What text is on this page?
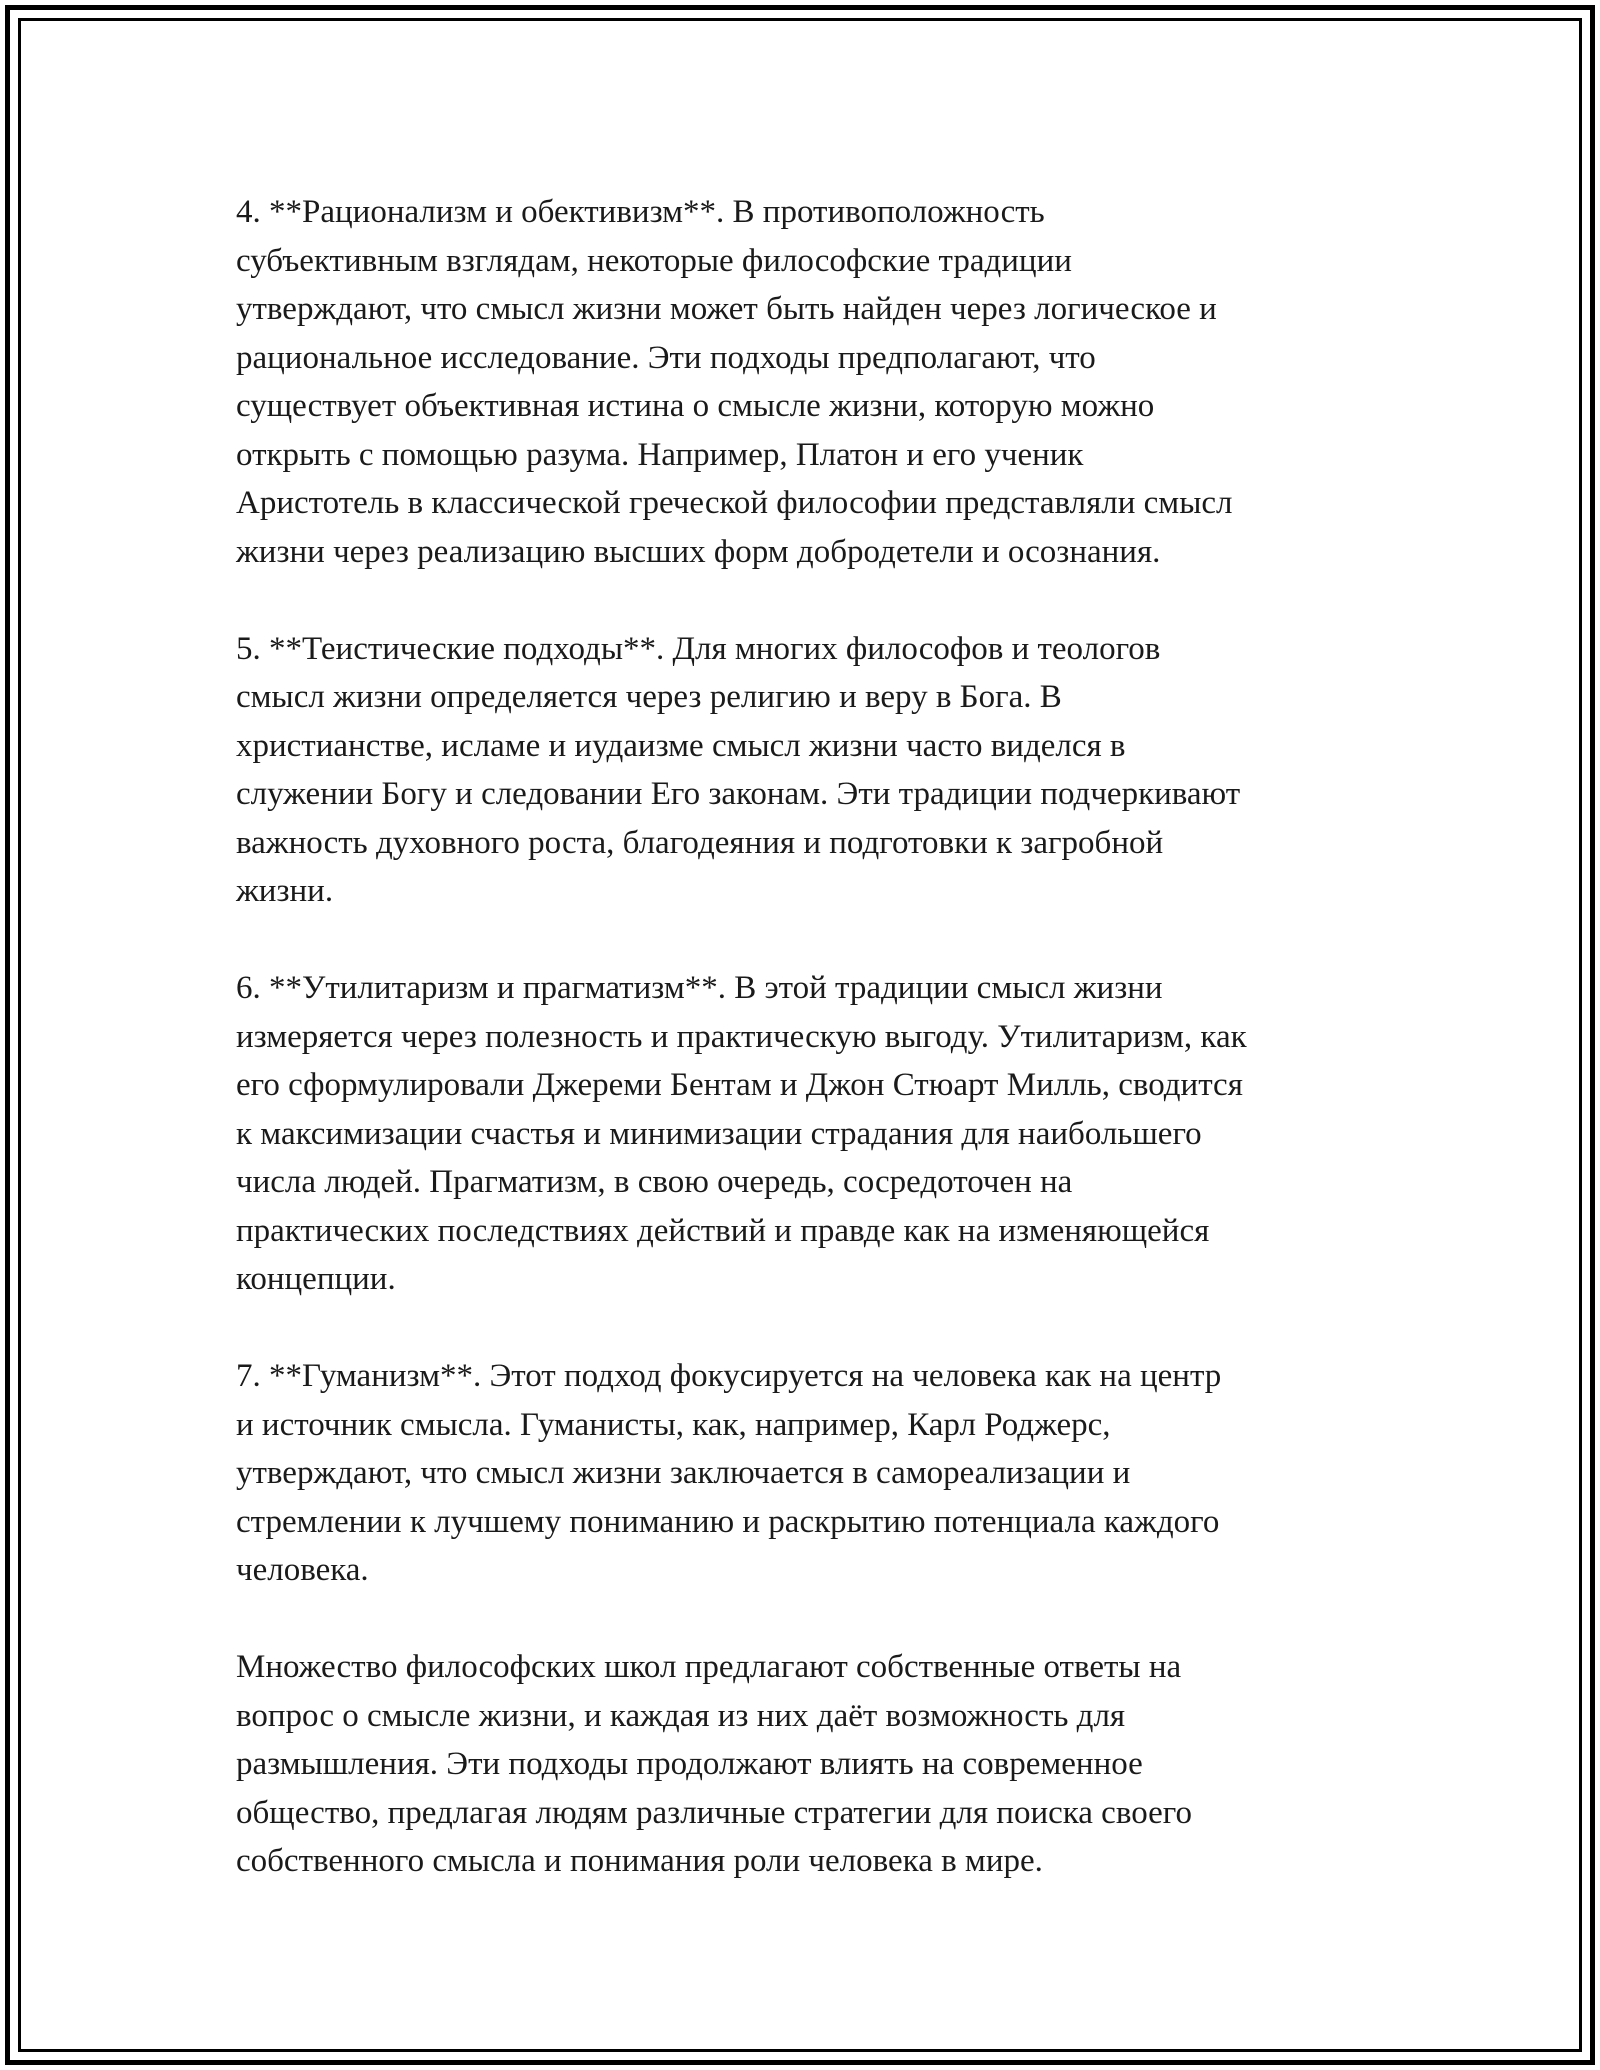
4. **Рационализм и обективизм**. В противоположность
субъективным взглядам, некоторые философские традиции
утверждают, что смысл жизни может быть найден через логическое и
рациональное исследование. Эти подходы предполагают, что
существует объективная истина о смысле жизни, которую можно
открыть с помощью разума. Например, Платон и его ученик
Аристотель в классической греческой философии представляли смысл
жизни через реализацию высших форм добродетели и осознания.

5. **Теистические подходы**. Для многих философов и теологов
смысл жизни определяется через религию и веру в Бога. В
христианстве, исламе и иудаизме смысл жизни часто виделся в
служении Богу и следовании Его законам. Эти традиции подчеркивают
важность духовного роста, благодеяния и подготовки к загробной
жизни.

6. **Утилитаризм и прагматизм**. В этой традиции смысл жизни
измеряется через полезность и практическую выгоду. Утилитаризм, как
его сформулировали Джереми Бентам и Джон Стюарт Милль, сводится
к максимизации счастья и минимизации страдания для наибольшего
числа людей. Прагматизм, в свою очередь, сосредоточен на
практических последствиях действий и правде как на изменяющейся
концепции.

7. **Гуманизм**. Этот подход фокусируется на человека как на центр
и источник смысла. Гуманисты, как, например, Карл Роджерс,
утверждают, что смысл жизни заключается в самореализации и
стремлении к лучшему пониманию и раскрытию потенциала каждого
человека.

Множество философских школ предлагают собственные ответы на
вопрос о смысле жизни, и каждая из них даёт возможность для
размышления. Эти подходы продолжают влиять на современное
общество, предлагая людям различные стратегии для поиска своего
собственного смысла и понимания роли человека в мире.
